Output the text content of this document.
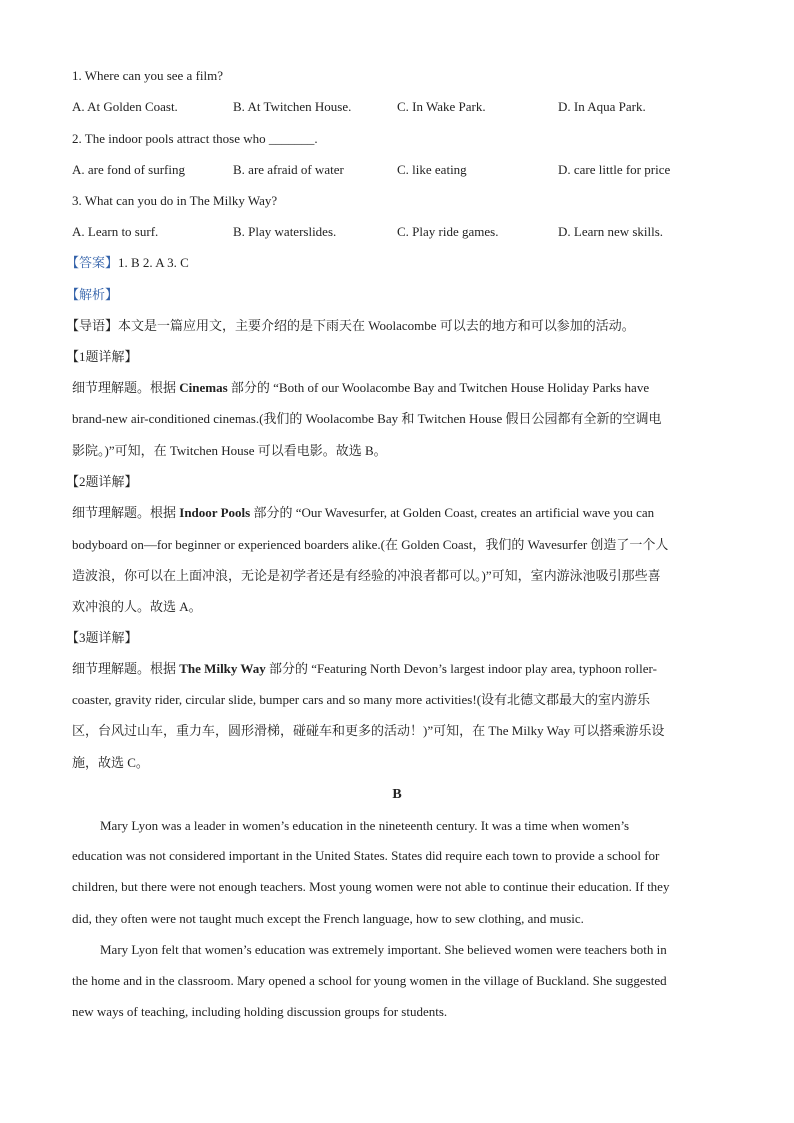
1. Where can you see a film?
A. At Golden Coast.	B. At Twitchen House.	C. In Wake Park.	D. In Aqua Park.
2. The indoor pools attract those who _______.
A. are fond of surfing	B. are afraid of water	C. like eating	D. care little for price
3. What can you do in The Milky Way?
A. Learn to surf.	B. Play waterslides.	C. Play ride games.	D. Learn new skills.
【答案】1. B 2. A 3. C
【解析】
【导语】本文是一篇应用文，主要介绍的是下雨天在 Woolacombe 可以去的地方和可以参加的活动。
【1题详解】
细节理解题。根据 Cinemas 部分的 “Both of our Woolacombe Bay and Twitchen House Holiday Parks have
brand-new air-conditioned cinemas.(我们的 Woolacombe Bay 和 Twitchen House 假日公园都有全新的空调电
影院。)”可知，在 Twitchen House 可以看电影。故选 B。
【2题详解】
细节理解题。根据 Indoor Pools 部分的 “Our Wavesurfer, at Golden Coast, creates an artificial wave you can
bodyboard on—for beginner or experienced boarders alike.(在 Golden Coast，我们的 Wavesurfer 创造了一个人
造波浪，你可以在上面冲浪，无论是初学者还是有经验的冲浪者都可以。)”可知，室内游泳池吸引那些喜
欢冲浪的人。故选 A。
【3题详解】
细节理解题。根据 The Milky Way 部分的 “Featuring North Devon’s largest indoor play area, typhoon roller-
coaster, gravity rider, circular slide, bumper cars and so many more activities!(设有北德文郡最大的室内游乐
区，台风过山车，重力车，圆形滑梯，碰碰车和更多的活动！)”可知，在 The Milky Way 可以搭乘游乐设
施，故选 C。
B
Mary Lyon was a leader in women’s education in the nineteenth century. It was a time when women’s
education was not considered important in the United States. States did require each town to provide a school for
children, but there were not enough teachers. Most young women were not able to continue their education. If they
did, they often were not taught much except the French language, how to sew clothing, and music.
Mary Lyon felt that women’s education was extremely important. She believed women were teachers both in
the home and in the classroom. Mary opened a school for young women in the village of Buckland. She suggested
new ways of teaching, including holding discussion groups for students.
